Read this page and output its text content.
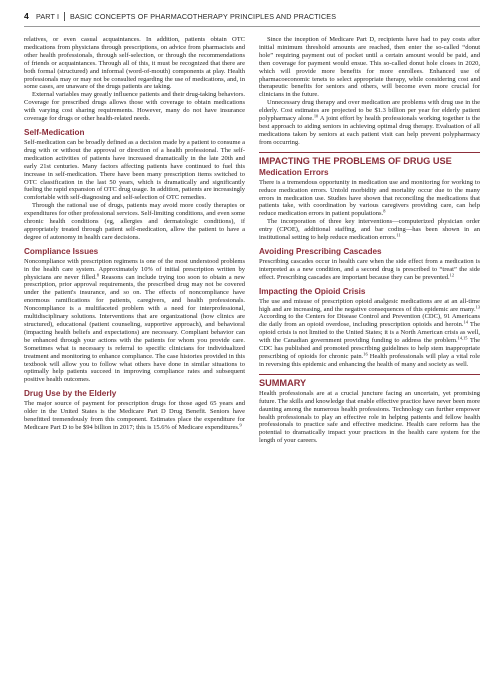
4 PART I BASIC CONCEPTS OF PHARMACOTHERAPY PRINCIPLES AND PRACTICES

relatives, or even casual acquaintances. In addition, patients obtain OTC medications from physicians through prescriptions, on advice from pharmacists and other health professionals, through self-selection, or through the recommendations of friends or acquaintances. Through all of this, it must be recognized that there are both formal (structured) and informal (word-of-mouth) components at play. Health professionals may or may not be consulted regarding the use of medications, and, in some cases, are unaware of the drugs patients are taking.

External variables may greatly influence patients and their drug-taking behaviors. Coverage for prescribed drugs allows those with coverage to obtain medications with varying cost sharing requirements. However, many do not have insurance coverage for drugs or other health-related needs.

Self-Medication

Self-medication can be broadly defined as a decision made by a patient to consume a drug with or without the approval or direction of a health professional. The self-medication activities of patients have increased dramatically in the late 20th and early 21st centuries. Many factors affecting patients have continued to fuel this increase in self-medication. There have been many prescription items switched to OTC classification in the last 50 years, which is dramatically and significantly fueling the rapid expansion of OTC drug usage. In addition, patients are increasingly comfortable with self-diagnosing and self-selection of OTC remedies.

Through the rational use of drugs, patients may avoid more costly therapies or expenditures for other professional services. Self-limiting conditions, and even some chronic health conditions (eg, allergies and dermatologic conditions), if appropriately treated through patient self-medication, allow the patient to have a degree of autonomy in health care decisions.

Compliance Issues

Noncompliance with prescription regimens is one of the most understood problems in the health care system. Approximately 10% of initial prescription written by physicians are never filled.$^8$ Reasons can include trying too soon to obtain a new prescription, prior approval requirements, the prescribed drug may not be covered under the patient's insurance, and so on. The effects of noncompliance have enormous ramifications for patients, caregivers, and health professionals. Noncompliance is a multifaceted problem with a need for interprofessional, multidisciplinary solutions. Interventions that are organizational (how clinics are structured), educational (patient counseling, supportive approach), and behavioral (impacting health beliefs and expectations) are necessary. Compliant behavior can be enhanced through your actions with the patients for whom you provide care. Sometimes what is necessary is referral to specific clinicians for individualized treatment and monitoring to enhance compliance. The case histories provided in this textbook will allow you to follow what others have done in similar situations to optimally help patients succeed in improving compliance rates and subsequent positive health outcomes.

Drug Use by the Elderly

The major source of payment for prescription drugs for those aged 65 years and older in the United States is the Medicare Part D Drug Benefit. Seniors have benefitted tremendously from this component. Estimates place the expenditure for Medicare Part D to be $94 billion in 2017; this is 15.6% of Medicare expenditures.$^9$

Since the inception of Medicare Part D, recipients have had to pay costs after initial minimum threshold amounts are reached, then enter the so-called “donut hole” requiring payment out of pocket until a certain amount would be paid, and then coverage for payment would ensue. This so-called donut hole closes in 2020, which will provide more benefits for more enrollees. Enhanced use of pharmacoeconomic tenets to select appropriate therapy, while considering cost and therapeutic benefits for seniors and others, will become even more crucial for clinicians in the future.

Unnecessary drug therapy and over medication are problems with drug use in the elderly. Cost estimates are projected to be $1.3 billion per year for elderly patient polypharmacy alone.$^{10}$ A joint effort by health professionals working together is the best approach to aiding seniors in achieving optimal drug therapy. Evaluation of all medications taken by seniors at each patient visit can help prevent polypharmacy from occurring.

IMPACTING THE PROBLEMS OF DRUG USE
Medication Errors

There is a tremendous opportunity in medication use and monitoring for working to reduce medication errors. Untold morbidity and mortality occur due to the many errors in medication use. Studies have shown that reconciling the medications that patients take, with coordination by various caregivers providing care, can help reduce medication errors in patient populations.$^8$

The incorporation of three key interventions—computerized physician order entry (CPOE), additional staffing, and bar coding—has been shown in an institutional setting to help reduce medication errors.$^{11}$

Avoiding Prescribing Cascades

Prescribing cascades occur in health care when the side effect from a medication is interpreted as a new condition, and a second drug is prescribed to “treat” the side effect. Prescribing cascades are important because they can be prevented.$^{12}$

Impacting the Opioid Crisis

The use and misuse of prescription opioid analgesic medications are at an all-time high and are increasing, and the negative consequences of this epidemic are many.$^{13}$ According to the Centers for Disease Control and Prevention (CDC), 91 Americans die daily from an opioid overdose, including prescription opioids and heroin.$^{14}$ The opioid crisis is not limited to the United States; it is a North American crisis as well, with the Canadian government providing funding to address the problem.$^{14,15}$ The CDC has published and promoted prescribing guidelines to help stem inappropriate prescribing of opioids for chronic pain.$^{16}$ Health professionals will play a vital role in reversing this epidemic and enhancing the health of many and society as well.

SUMMARY

Health professionals are at a crucial juncture facing an uncertain, yet promising future. The skills and knowledge that enable effective practice have never been more daunting among the numerous health professions. Technology can further empower health professionals to play an effective role in helping patients and fellow health professionals to practice safe and effective medicine. Health care reform has the potential to dramatically impact your practices in the health care system for the length of your careers.
